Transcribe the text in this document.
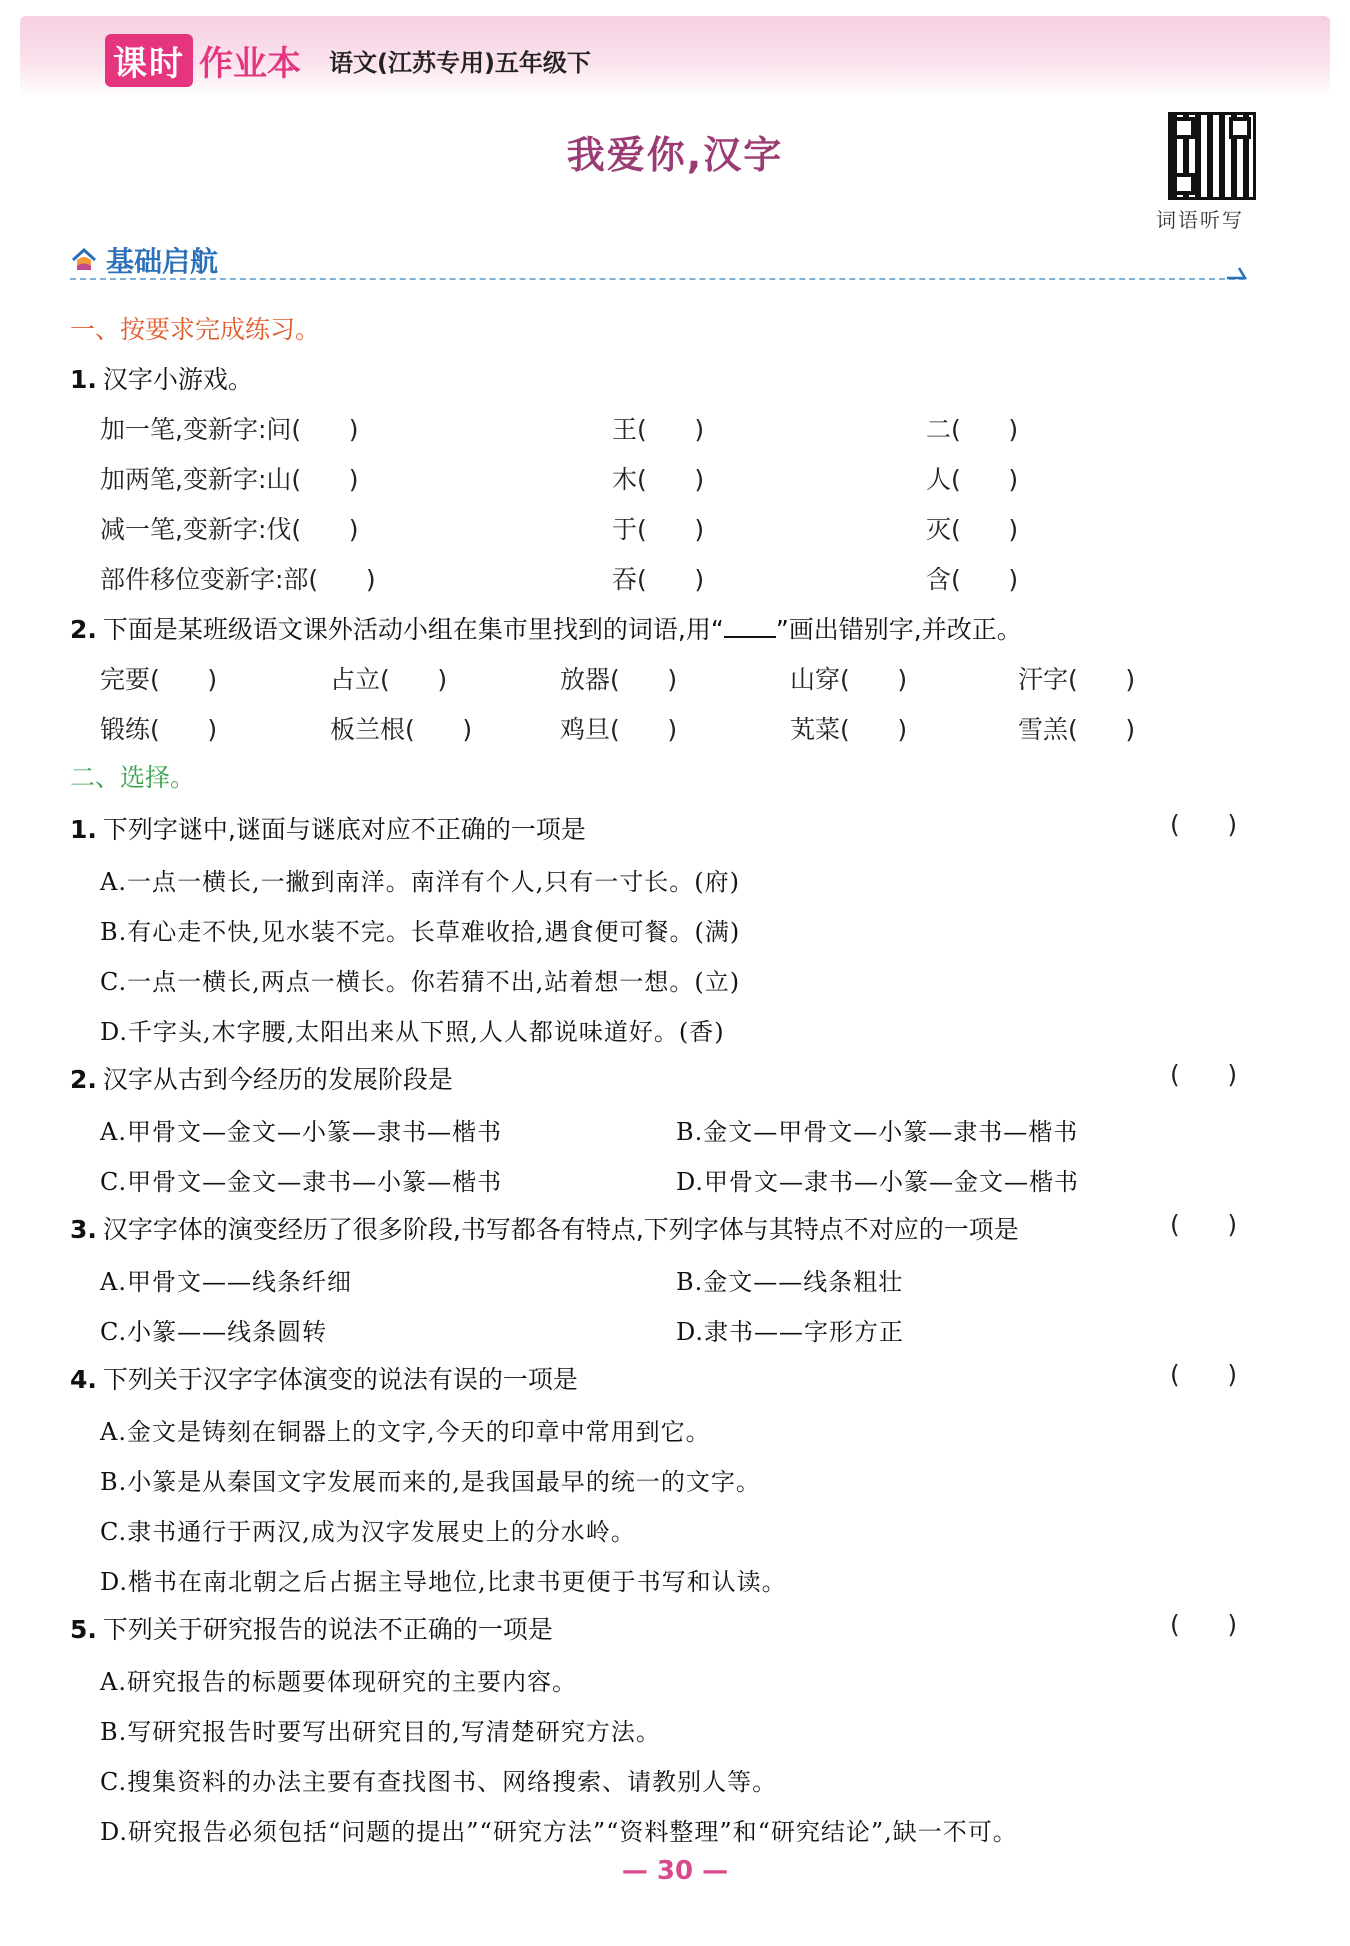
课时 作业本 语文(江苏专用)五年级下
我爱你,汉字
词语听写
基础启航
一、按要求完成练习。
1. 汉字小游戏。
加一笔,变新字:问(      )	王(      )	二(      )
加两笔,变新字:山(      )	木(      )	人(      )
减一笔,变新字:伐(      )	于(      )	灭(      )
部件移位变新字:部(      )	吞(      )	含(      )
2. 下面是某班级语文课外活动小组在集市里找到的词语,用“ ”画出错别字,并改正。
完要(      )	占立(      )	放器(      )	山穿(      )	汗字(      )
锻练(      )	板兰根(      )	鸡旦(      )	芄菜(      )	雪羔(      )
二、选择。
1. 下列字谜中,谜面与谜底对应不正确的一项是	(      )
A.一点一横长,一撇到南洋。南洋有个人,只有一寸长。(府)
B.有心走不快,见水装不完。长草难收拾,遇食便可餐。(满)
C.一点一横长,两点一横长。你若猜不出,站着想一想。(立)
D.千字头,木字腰,太阳出来从下照,人人都说味道好。(香)
2. 汉字从古到今经历的发展阶段是	(      )
A.甲骨文—金文—小篆—隶书—楷书	B.金文—甲骨文—小篆—隶书—楷书
C.甲骨文—金文—隶书—小篆—楷书	D.甲骨文—隶书—小篆—金文—楷书
3. 汉字字体的演变经历了很多阶段,书写都各有特点,下列字体与其特点不对应的一项是	(      )
A.甲骨文——线条纤细	B.金文——线条粗壮
C.小篆——线条圆转	D.隶书——字形方正
4. 下列关于汉字字体演变的说法有误的一项是	(      )
A.金文是铸刻在铜器上的文字,今天的印章中常用到它。
B.小篆是从秦国文字发展而来的,是我国最早的统一的文字。
C.隶书通行于两汉,成为汉字发展史上的分水岭。
D.楷书在南北朝之后占据主导地位,比隶书更便于书写和认读。
5. 下列关于研究报告的说法不正确的一项是	(      )
A.研究报告的标题要体现研究的主要内容。
B.写研究报告时要写出研究目的,写清楚研究方法。
C.搜集资料的办法主要有查找图书、网络搜索、请教别人等。
D.研究报告必须包括“问题的提出”“研究方法”“资料整理”和“研究结论”,缺一不可。
— 30 —
